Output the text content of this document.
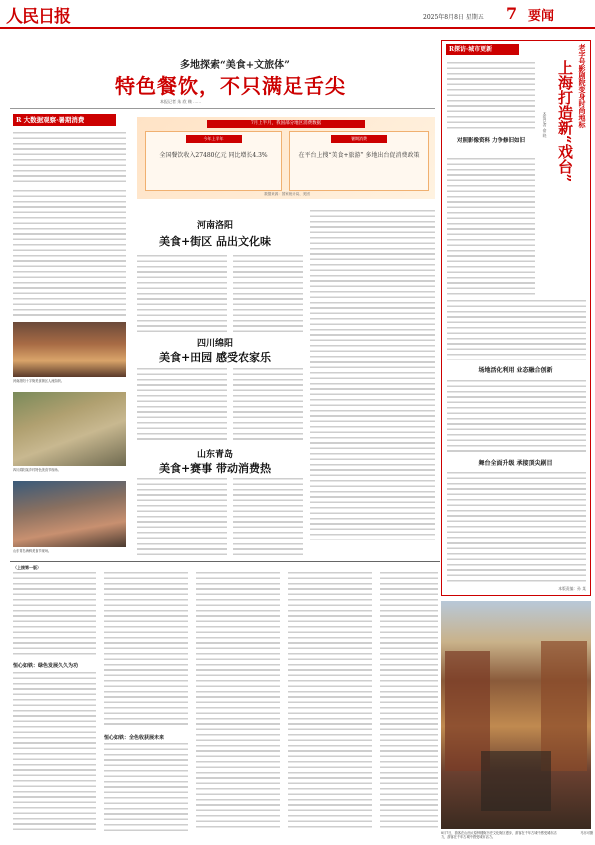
人民日报	2025年8月8日 星期五 7 要闻
多地探索“美食+文旅体”
特色餐饮，不只满足舌尖
本报记者 朱 欣 赖 ……
R 大数据观察·暑期消费	7月上半月，我国部分地区消费数据
今年上半年
全国餐饮收入27480亿元 同比增长4.3%
暑期消费
在平台上搜“美食+旅游” 多地出台促消费政策
数据来源：国家统计局、美团
河南洛阳
美食+街区 品出文化味
四川绵阳
美食+田园 感受农家乐
山东青岛
美食+赛事 带动消费热
河南洛阳十字街美食街区人流如织。
四川绵阳某乡村特色美食节现场。
山东青岛海鲜美食节现场。
R探访·城市更新	老字号影剧院变身时尚地标
上海打造新“戏台”
本报记者 俞 晓
对照影像资料 力争修旧如旧
场地活化利用 业态融合创新
舞台全面升级 承接顶尖剧目
本版责编：孙 某
（上接第一版）
恒心如铁：绿色发展久久为功
恒心如铁：全色收获展未来
8月7日，游客在山西太原钟楼街历史文化街区漫步，游客在千年古城中感受城市活力，游客在千年古城中感受城市活力。
马亦可摄
